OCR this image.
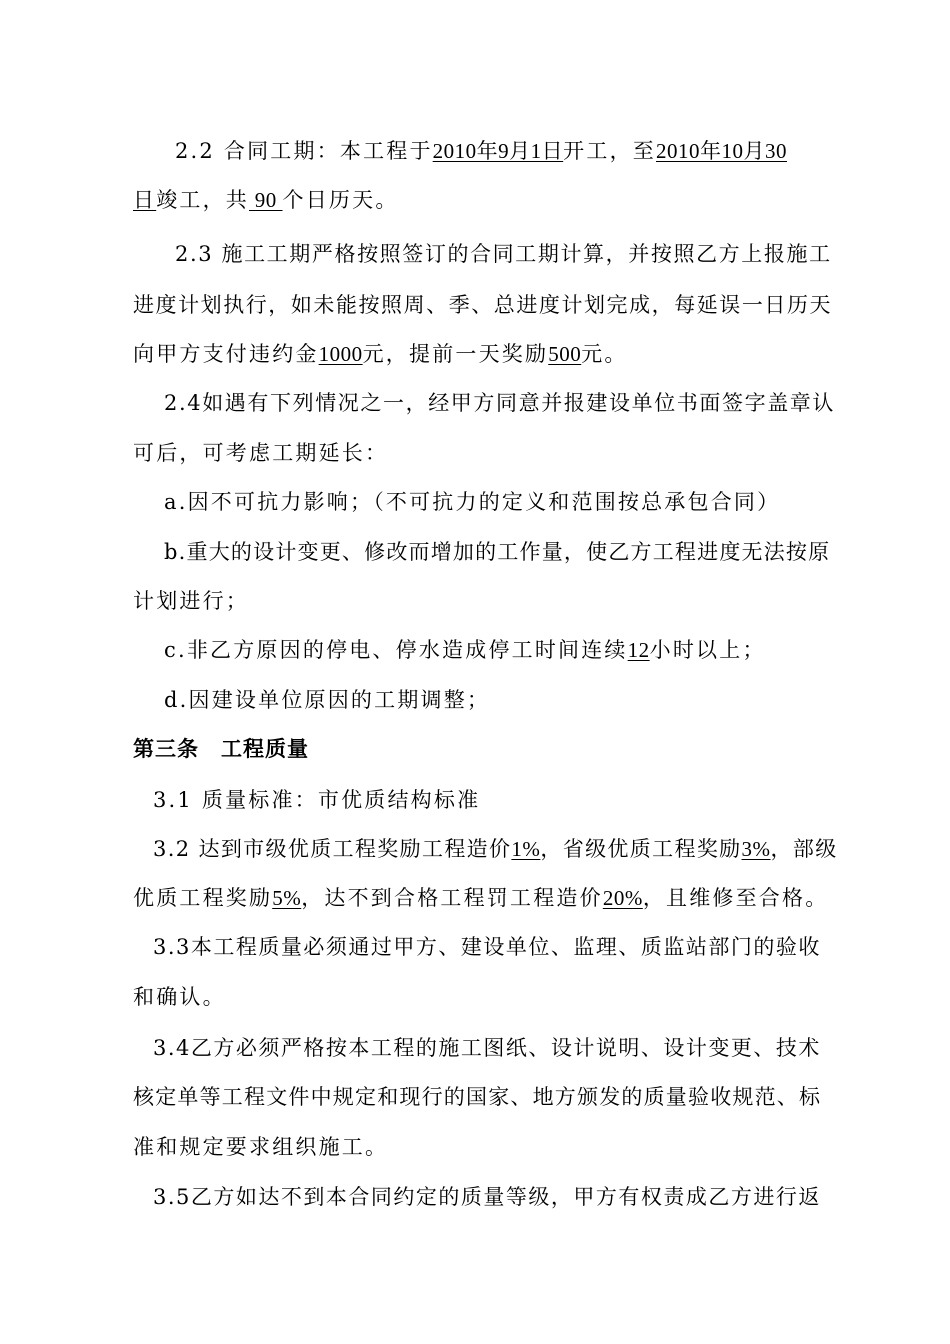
2.2 合同工期：本工程于2010年9月1日开工，至2010年10月30
日竣工，共 90 个日历天。
2.3 施工工期严格按照签订的合同工期计算，并按照乙方上报施工
进度计划执行，如未能按照周、季、总进度计划完成，每延误一日历天
向甲方支付违约金1000元，提前一天奖励500元。
2.4如遇有下列情况之一，经甲方同意并报建设单位书面签字盖章认
可后，可考虑工期延长：
a.因不可抗力影响；（不可抗力的定义和范围按总承包合同）
b.重大的设计变更、修改而增加的工作量，使乙方工程进度无法按原
计划进行；
c.非乙方原因的停电、停水造成停工时间连续12小时以上；
d.因建设单位原因的工期调整；
第三条　工程质量
3.1 质量标准：市优质结构标准
3.2 达到市级优质工程奖励工程造价1%，省级优质工程奖励3%，部级
优质工程奖励5%，达不到合格工程罚工程造价20%，且维修至合格。
3.3本工程质量必须通过甲方、建设单位、监理、质监站部门的验收
和确认。
3.4乙方必须严格按本工程的施工图纸、设计说明、设计变更、技术
核定单等工程文件中规定和现行的国家、地方颁发的质量验收规范、标
准和规定要求组织施工。
3.5乙方如达不到本合同约定的质量等级，甲方有权责成乙方进行返
